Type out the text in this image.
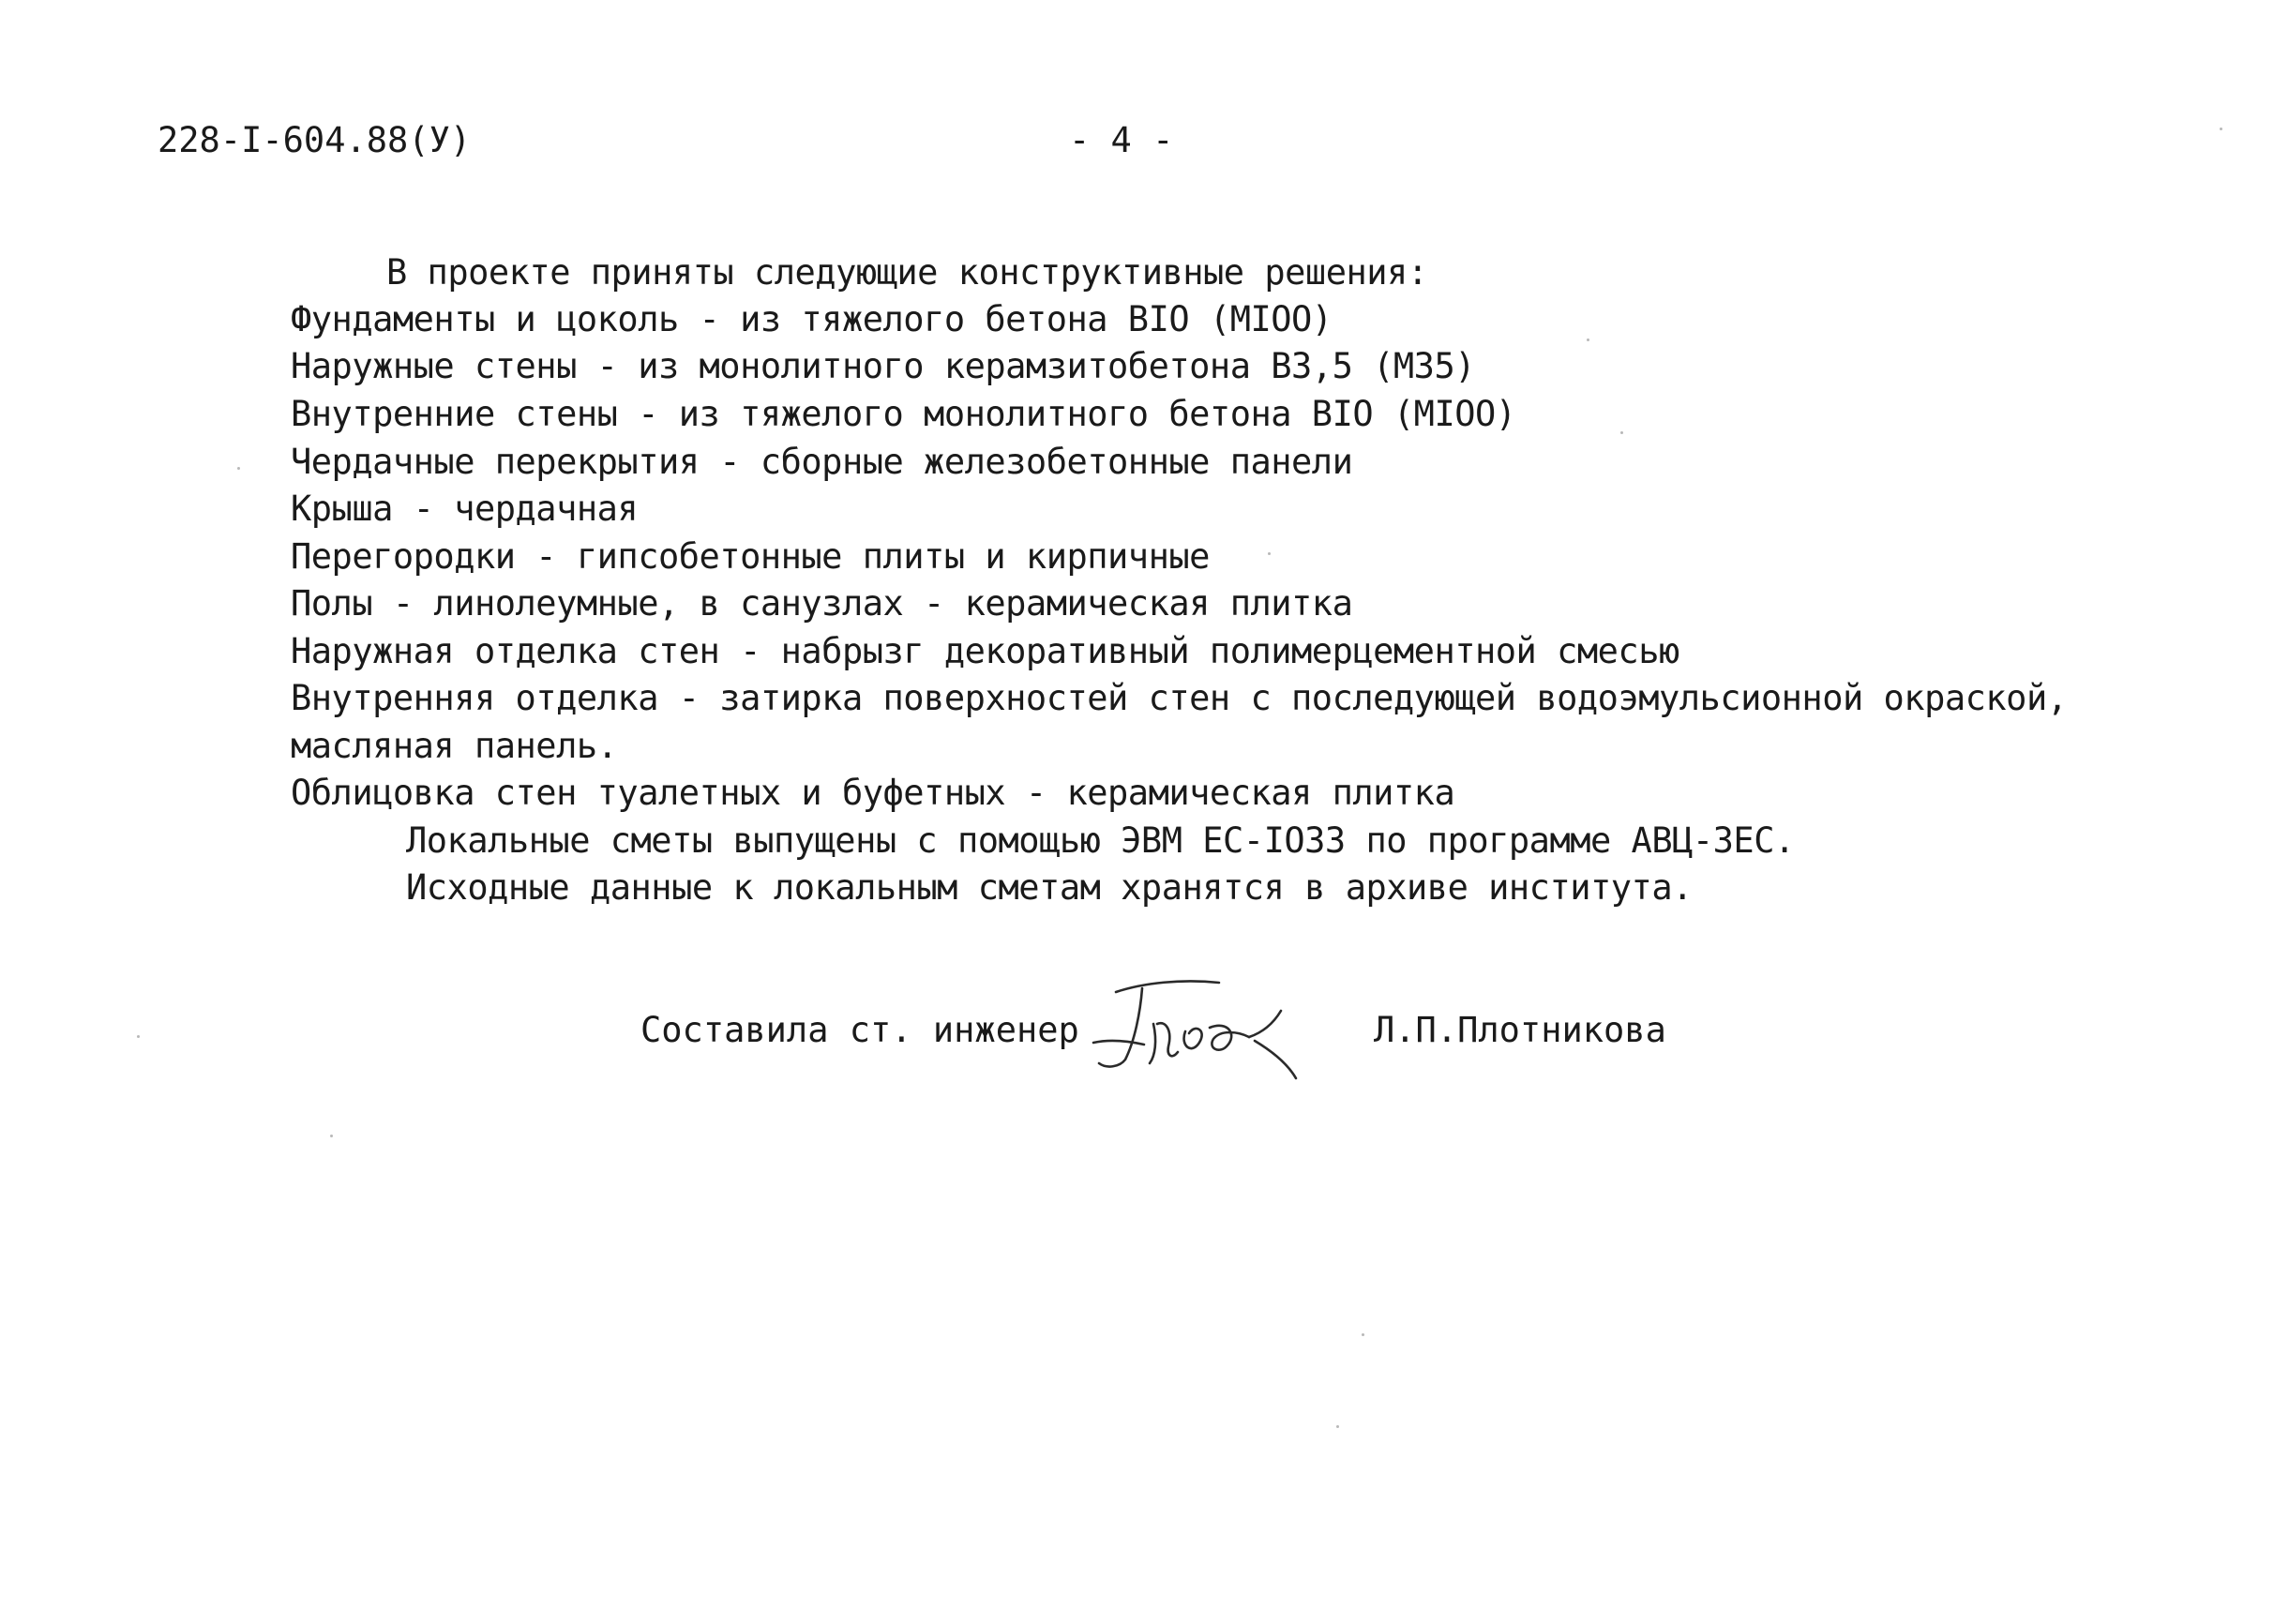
228-I-604.88(У)	- 4 -
В проекте приняты следующие конструктивные решения:
Фундаменты и цоколь - из тяжелого бетона BIO (MIOO)
Наружные стены - из монолитного керамзитобетона B3,5 (M35)
Внутренние стены - из тяжелого монолитного бетона BIO (MIOO)
Чердачные перекрытия - сборные железобетонные панели
Крыша - чердачная
Перегородки - гипсобетонные плиты и кирпичные
Полы - линолеумные, в санузлах - керамическая плитка
Наружная отделка стен - набрызг декоративный полимерцементной смесью
Внутренняя отделка - затирка поверхностей стен с последующей водоэмульсионной окраской,
масляная панель.
Облицовка стен туалетных и буфетных - керамическая плитка
Локальные сметы выпущены с помощью ЭВМ ЕС-IO33 по программе АВЦ-ЗЕС.
Исходные данные к локальным сметам хранятся в архиве института.
Составила ст. инженер	Л.П.Плотникова
